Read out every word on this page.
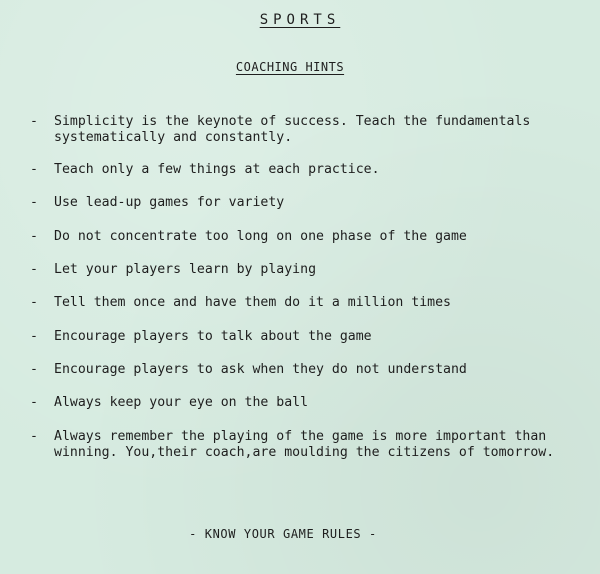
SPORTS
COACHING HINTS
-	Simplicity is the keynote of success. Teach the fundamentals
systematically and constantly.
-	Teach only a few things at each practice.
-	Use lead-up games for variety
-	Do not concentrate too long on one phase of the game
-	Let your players learn by playing
-	Tell them once and have them do it a million times
-	Encourage players to talk about the game
-	Encourage players to ask when they do not understand
-	Always keep your eye on the ball
-	Always remember the playing of the game is more important than
winning. You,their coach,are moulding the citizens of tomorrow.
- KNOW YOUR GAME RULES -
